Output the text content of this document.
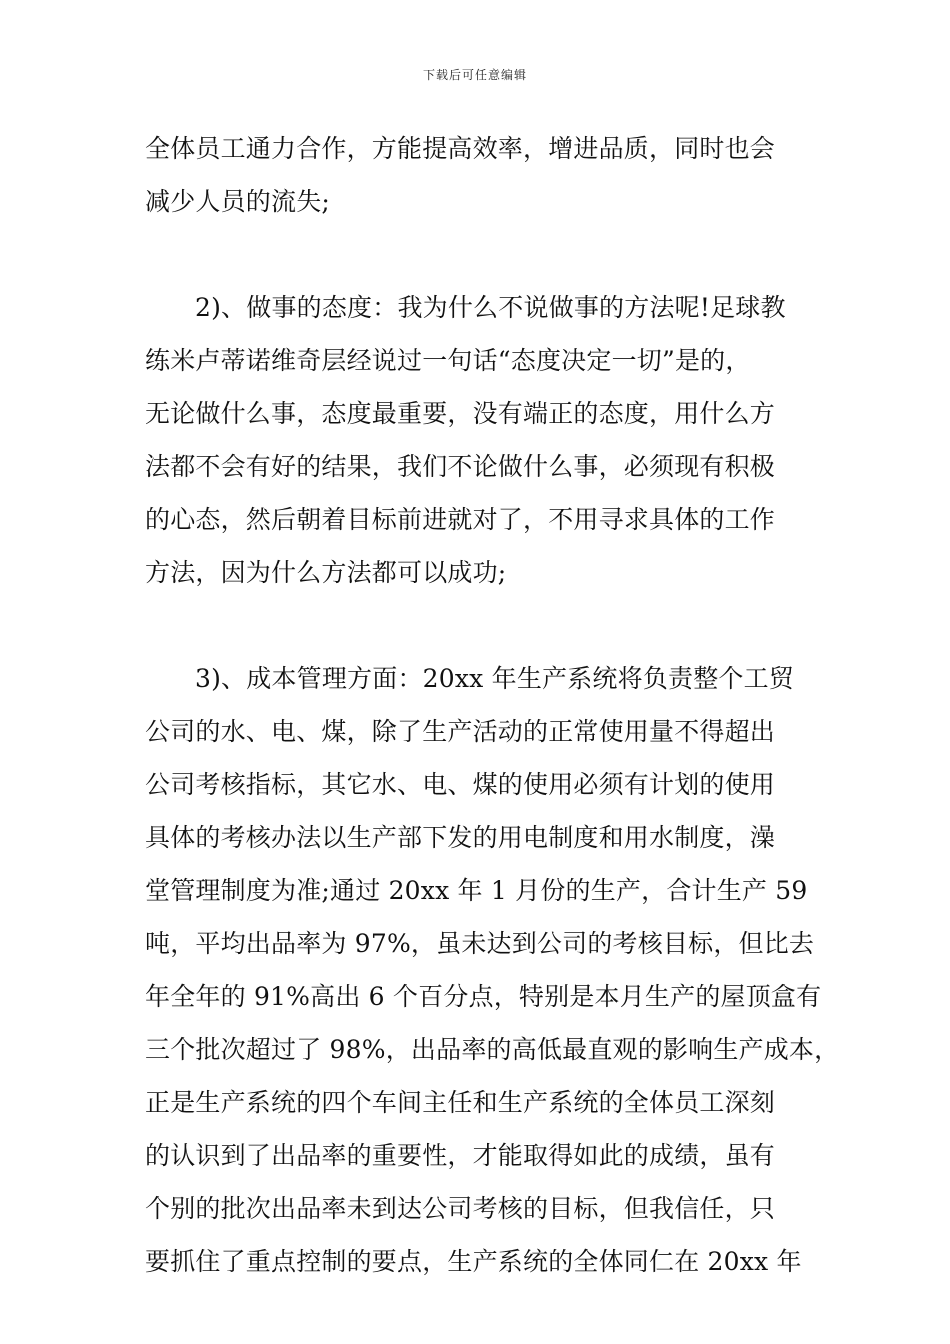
下载后可任意编辑
全体员工通力合作，方能提高效率，增进品质，同时也会
减少人员的流失;
2)、做事的态度：我为什么不说做事的方法呢!足球教
练米卢蒂诺维奇层经说过一句话“态度决定一切”是的，
无论做什么事，态度最重要，没有端正的态度，用什么方
法都不会有好的结果，我们不论做什么事，必须现有积极
的心态，然后朝着目标前进就对了，不用寻求具体的工作
方法，因为什么方法都可以成功;
3)、成本管理方面：20xx 年生产系统将负责整个工贸
公司的水、电、煤，除了生产活动的正常使用量不得超出
公司考核指标，其它水、电、煤的使用必须有计划的使用
具体的考核办法以生产部下发的用电制度和用水制度，澡
堂管理制度为准;通过 20xx 年 1 月份的生产，合计生产 59
吨，平均出品率为 97%，虽未达到公司的考核目标，但比去
年全年的 91%高出 6 个百分点，特别是本月生产的屋顶盒有
三个批次超过了 98%，出品率的高低最直观的影响生产成本，
正是生产系统的四个车间主任和生产系统的全体员工深刻
的认识到了出品率的重要性，才能取得如此的成绩，虽有
个别的批次出品率未到达公司考核的目标，但我信任，只
要抓住了重点控制的要点，生产系统的全体同仁在 20xx 年
